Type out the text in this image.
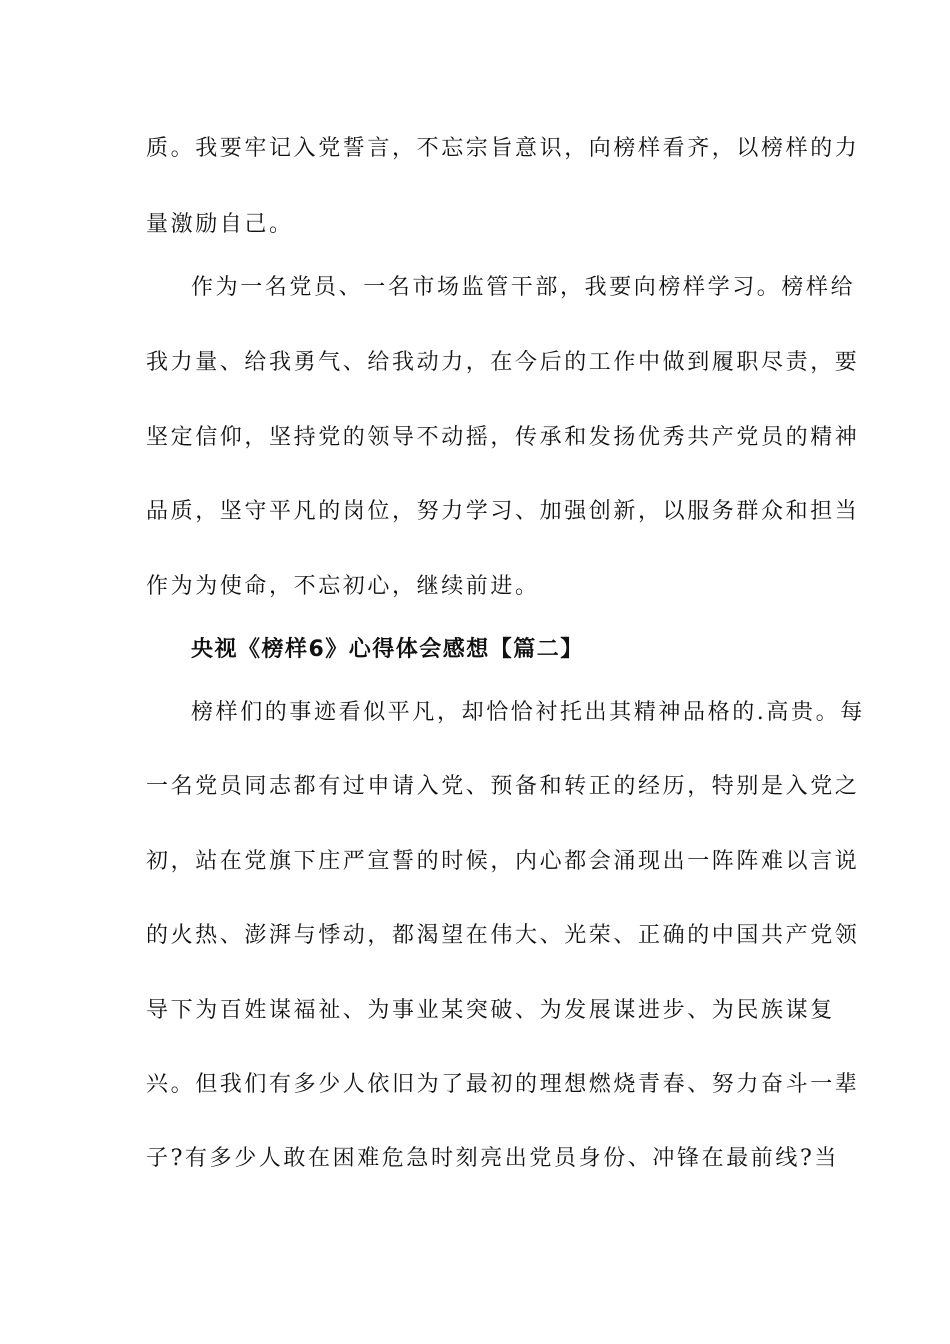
质。我要牢记入党誓言，不忘宗旨意识，向榜样看齐，以榜样的力
量激励自己。
作为一名党员、一名市场监管干部，我要向榜样学习。榜样给
我力量、给我勇气、给我动力，在今后的工作中做到履职尽责，要
坚定信仰，坚持党的领导不动摇，传承和发扬优秀共产党员的精神
品质，坚守平凡的岗位，努力学习、加强创新，以服务群众和担当
作为为使命，不忘初心，继续前进。
央视《榜样6》心得体会感想【篇二】
榜样们的事迹看似平凡，却恰恰衬托出其精神品格的.高贵。每
一名党员同志都有过申请入党、预备和转正的经历，特别是入党之
初，站在党旗下庄严宣誓的时候，内心都会涌现出一阵阵难以言说
的火热、澎湃与悸动，都渴望在伟大、光荣、正确的中国共产党领
导下为百姓谋福祉、为事业某突破、为发展谋进步、为民族谋复
兴。但我们有多少人依旧为了最初的理想燃烧青春、努力奋斗一辈
子?有多少人敢在困难危急时刻亮出党员身份、冲锋在最前线?当
